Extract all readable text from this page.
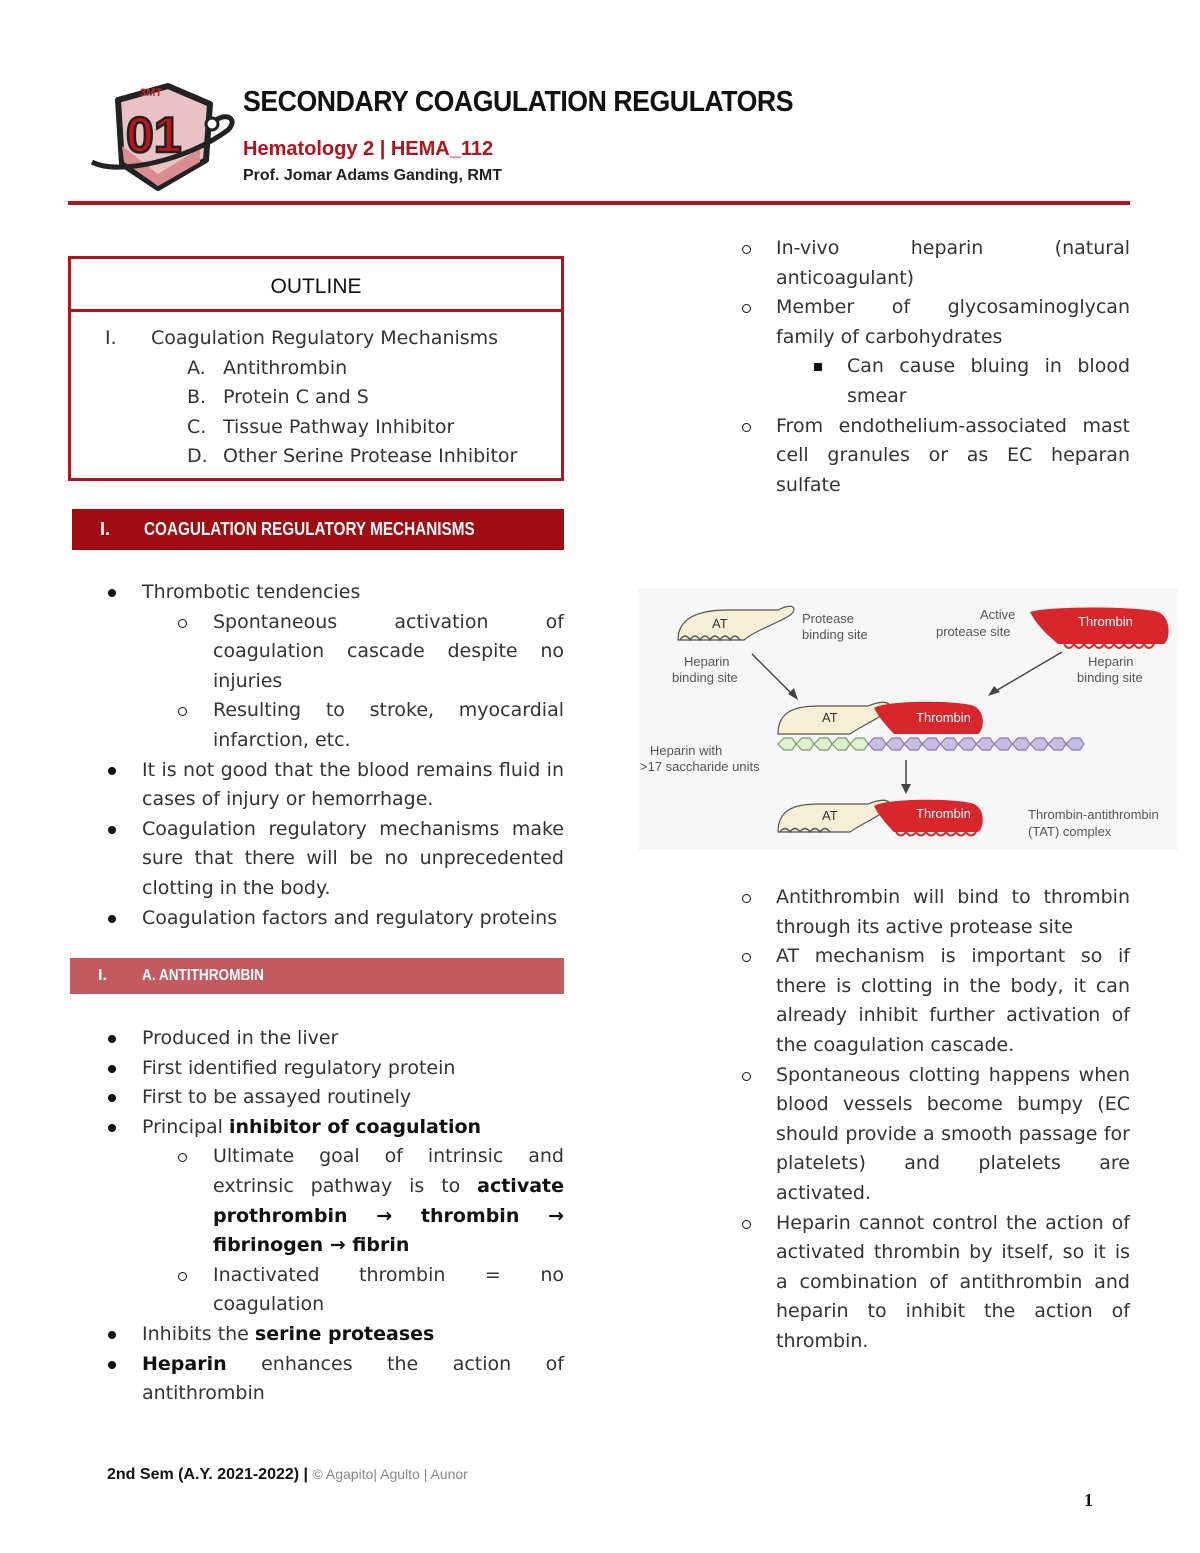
3MT
01
SECONDARY COAGULATION REGULATORS
Hematology 2 | HEMA_112
Prof. Jomar Adams Ganding, RMT
OUTLINE
I. Coagulation Regulatory Mechanisms
A. Antithrombin
B. Protein C and S
C. Tissue Pathway Inhibitor
D. Other Serine Protease Inhibitor
I. COAGULATION REGULATORY MECHANISMS
Thrombotic tendencies
Spontaneous activation of coagulation cascade despite no injuries
Resulting to stroke, myocardial infarction, etc.
It is not good that the blood remains fluid in cases of injury or hemorrhage.
Coagulation regulatory mechanisms make sure that there will be no unprecedented clotting in the body.
Coagulation factors and regulatory proteins
I. A. ANTITHROMBIN
Produced in the liver
First identified regulatory protein
First to be assayed routinely
Principal inhibitor of coagulation
Ultimate goal of intrinsic and extrinsic pathway is to activate prothrombin → thrombin → fibrinogen → fibrin
Inactivated thrombin = no coagulation
Inhibits the serine proteases
Heparin enhances the action of antithrombin
In-vivo heparin (natural anticoagulant)
Member of glycosaminoglycan family of carbohydrates
Can cause bluing in blood smear
From endothelium-associated mast cell granules or as EC heparan sulfate
AT	Protease
binding site
Heparin
binding site
Thrombin
Active
protease site
Heparin
binding site
AT	Thrombin
Heparin with
>17 saccharide units
AT	Thrombin	Thrombin-antithrombin
(TAT) complex
Antithrombin will bind to thrombin through its active protease site
AT mechanism is important so if there is clotting in the body, it can already inhibit further activation of the coagulation cascade.
Spontaneous clotting happens when blood vessels become bumpy (EC should provide a smooth passage for platelets) and platelets are activated.
Heparin cannot control the action of activated thrombin by itself, so it is a combination of antithrombin and heparin to inhibit the action of thrombin.
2nd Sem (A.Y. 2021-2022) | © Agapito| Agulto | Aunor
1
